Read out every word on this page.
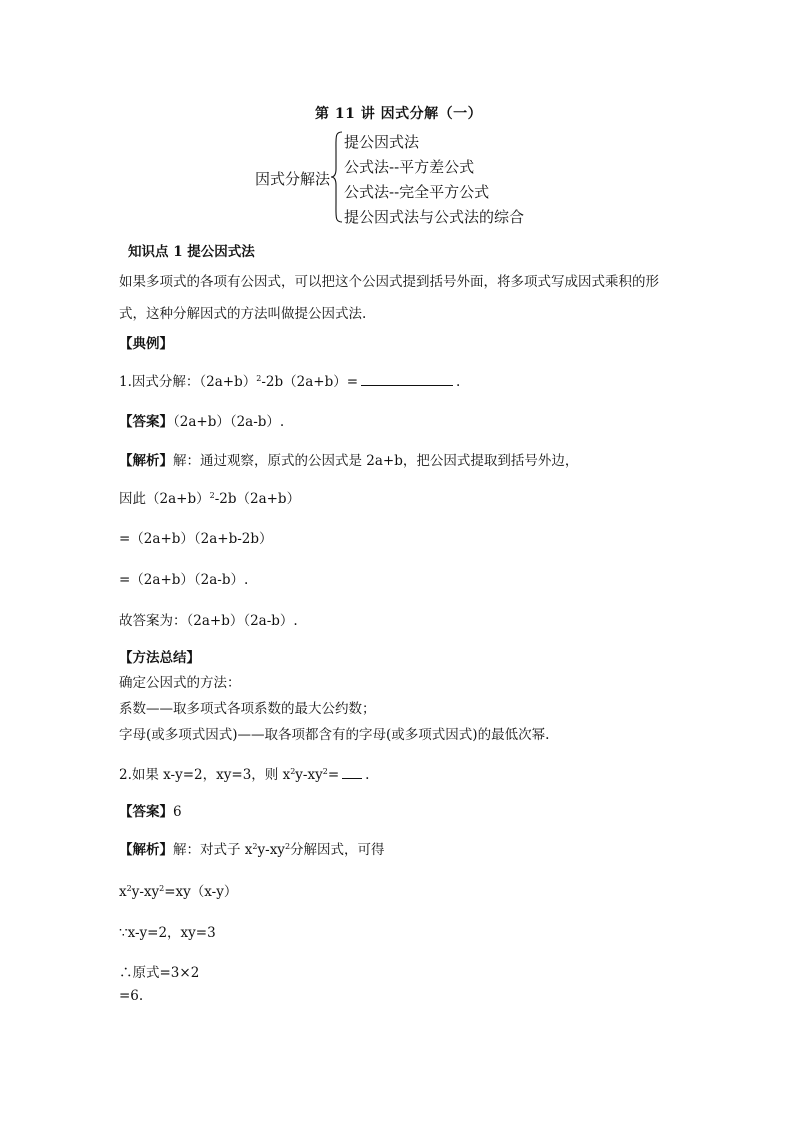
第 11 讲 因式分解（一）
因式分解法
提公因式法
公式法--平方差公式
公式法--完全平方公式
提公因式法与公式法的综合
知识点 1 提公因式法
如果多项式的各项有公因式，可以把这个公因式提到括号外面，将多项式写成因式乘积的形
式，这种分解因式的方法叫做提公因式法.
【典例】
1.因式分解：$(2a+b)^2-2b(2a+b)=$	.
【答案】（2a+b）（2a-b）.
【解析】解：通过观察，原式的公因式是 2a+b，把公因式提取到括号外边，
因此$(2a+b)^2-2b(2a+b)$
=（2a+b）（2a+b-2b）
=（2a+b）（2a-b）.
故答案为：（2a+b）（2a-b）.
【方法总结】
确定公因式的方法：
系数——取多项式各项系数的最大公约数；
字母(或多项式因式)——取各项都含有的字母(或多项式因式)的最低次幂.
2.如果 x-y=2，xy=3，则 $x^2y-xy^2=$ .
【答案】6
【解析】解：对式子 $x^2y-xy^2$分解因式，可得
$x^2y-xy^2=xy(x-y)$
∵x-y=2，xy=3
∴原式=3×2
=6.
